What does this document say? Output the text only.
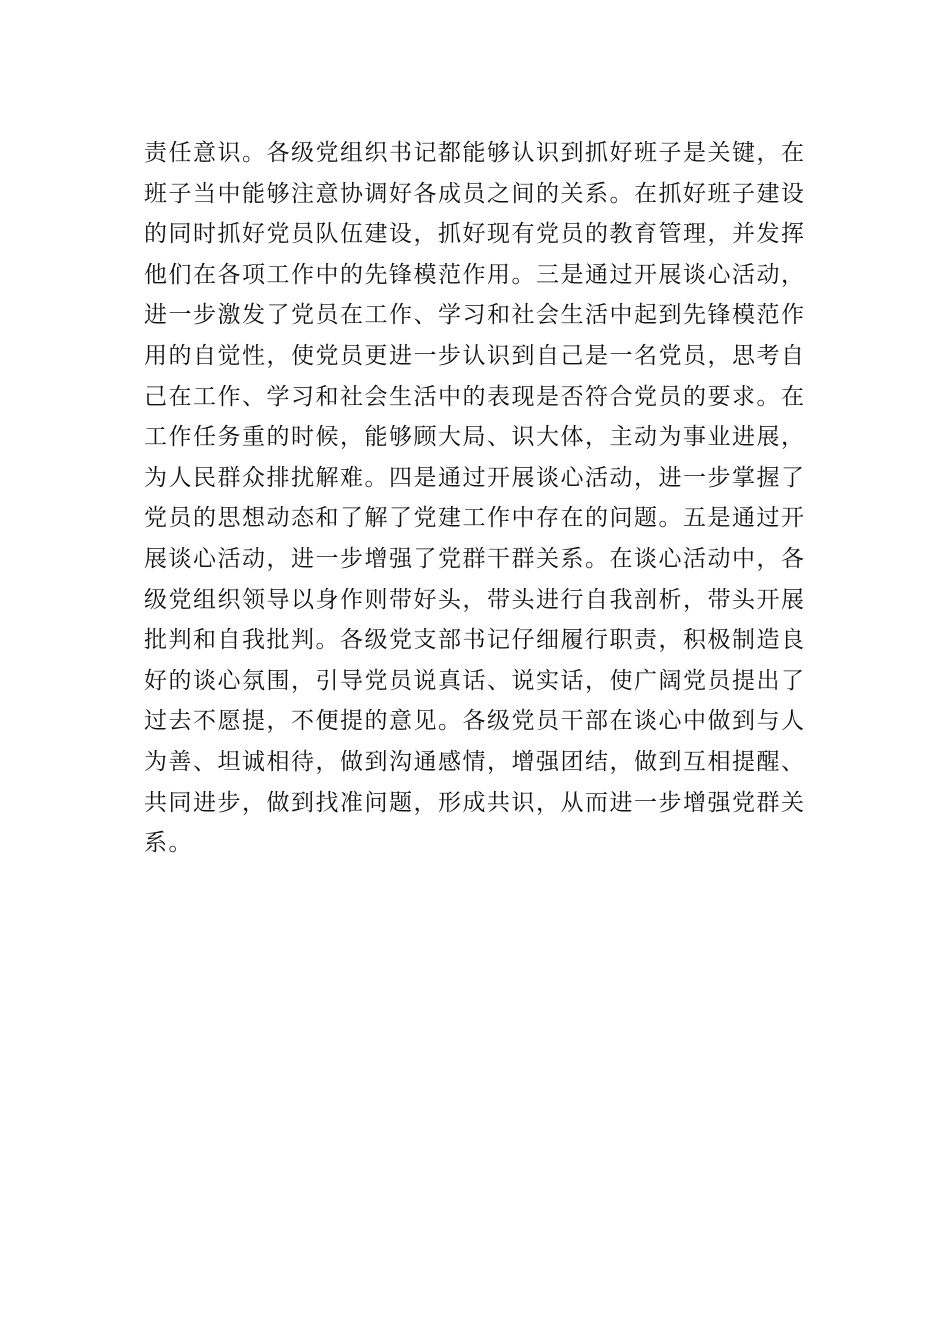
责任意识。各级党组织书记都能够认识到抓好班子是关键，在
班子当中能够注意协调好各成员之间的关系。在抓好班子建设
的同时抓好党员队伍建设，抓好现有党员的教育管理，并发挥
他们在各项工作中的先锋模范作用。三是通过开展谈心活动，
进一步激发了党员在工作、学习和社会生活中起到先锋模范作
用的自觉性，使党员更进一步认识到自己是一名党员，思考自
己在工作、学习和社会生活中的表现是否符合党员的要求。在
工作任务重的时候，能够顾大局、识大体，主动为事业进展，
为人民群众排扰解难。四是通过开展谈心活动，进一步掌握了
党员的思想动态和了解了党建工作中存在的问题。五是通过开
展谈心活动，进一步增强了党群干群关系。在谈心活动中，各
级党组织领导以身作则带好头，带头进行自我剖析，带头开展
批判和自我批判。各级党支部书记仔细履行职责，积极制造良
好的谈心氛围，引导党员说真话、说实话，使广阔党员提出了
过去不愿提，不便提的意见。各级党员干部在谈心中做到与人
为善、坦诚相待，做到沟通感情，增强团结，做到互相提醒、
共同进步，做到找准问题，形成共识，从而进一步增强党群关
系。
